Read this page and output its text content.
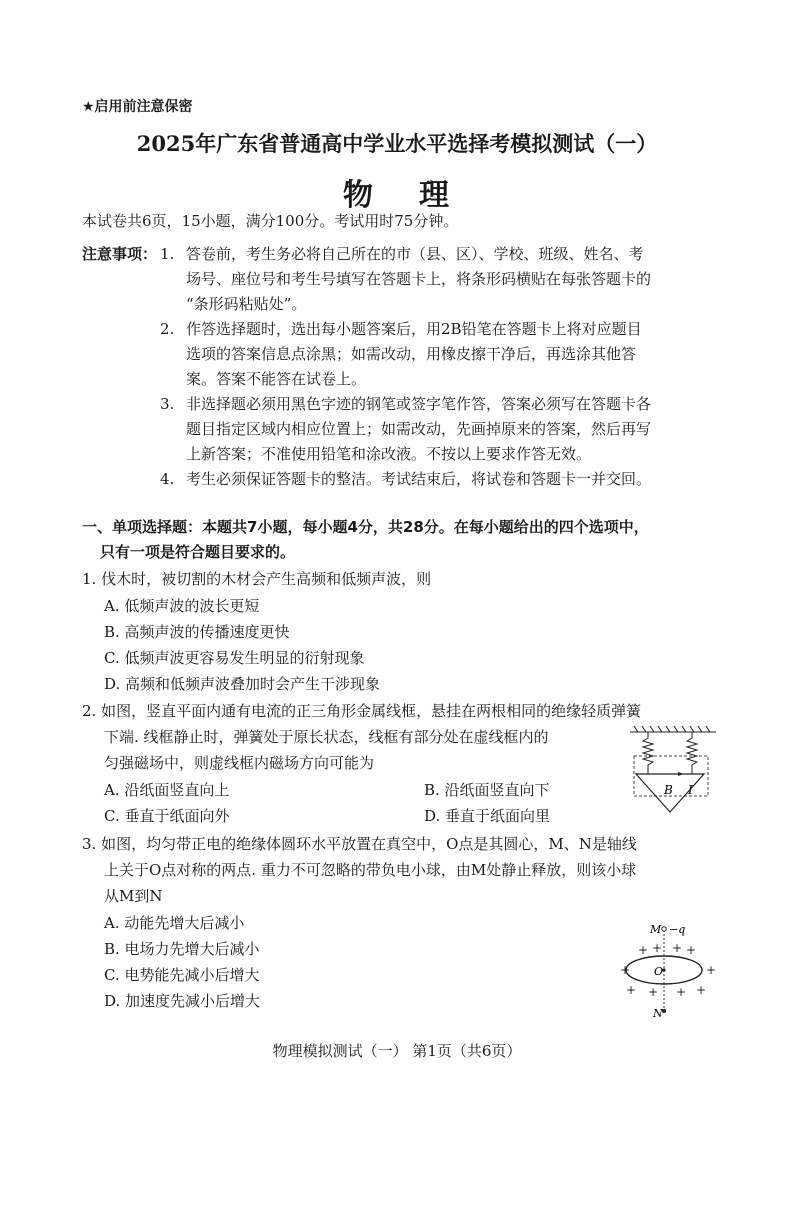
★启用前注意保密
2025年广东省普通高中学业水平选择考模拟测试（一）
物 理
本试卷共6页，15小题，满分100分。考试用时75分钟。
注意事项： 1. 答卷前，考生务必将自己所在的市（县、区）、学校、班级、姓名、考
场号、座位号和考生号填写在答题卡上，将条形码横贴在每张答题卡的
“条形码粘贴处”。
2. 作答选择题时，选出每小题答案后，用2B铅笔在答题卡上将对应题目
选项的答案信息点涂黑；如需改动，用橡皮擦干净后，再选涂其他答
案。答案不能答在试卷上。
3. 非选择题必须用黑色字迹的钢笔或签字笔作答，答案必须写在答题卡各
题目指定区域内相应位置上；如需改动，先画掉原来的答案，然后再写
上新答案；不准使用铅笔和涂改液。不按以上要求作答无效。
4. 考生必须保证答题卡的整洁。考试结束后，将试卷和答题卡一并交回。
一、单项选择题：本题共7小题，每小题4分，共28分。在每小题给出的四个选项中，
只有一项是符合题目要求的。
1. 伐木时，被切割的木材会产生高频和低频声波，则
A. 低频声波的波长更短
B. 高频声波的传播速度更快
C. 低频声波更容易发生明显的衍射现象
D. 高频和低频声波叠加时会产生干涉现象
2. 如图，竖直平面内通有电流的正三角形金属线框，悬挂在两根相同的绝缘轻质弹簧
下端. 线框静止时，弹簧处于原长状态，线框有部分处在虚线框内的
匀强磁场中，则虚线框内磁场方向可能为
A. 沿纸面竖直向上	B. 沿纸面竖直向下
C. 垂直于纸面向外	D. 垂直于纸面向里
B I
3. 如图，均匀带正电的绝缘体圆环水平放置在真空中，O点是其圆心，M、N是轴线
上关于O点对称的两点. 重力不可忽略的带负电小球，由M处静止释放，则该小球
从M到N
A. 动能先增大后减小
B. 电场力先增大后减小
C. 电势能先减小后增大
D. 加速度先减小后增大
M −q
O
N
+ + + +
+	+
+ + + +
物理模拟测试（一） 第1页（共6页）
